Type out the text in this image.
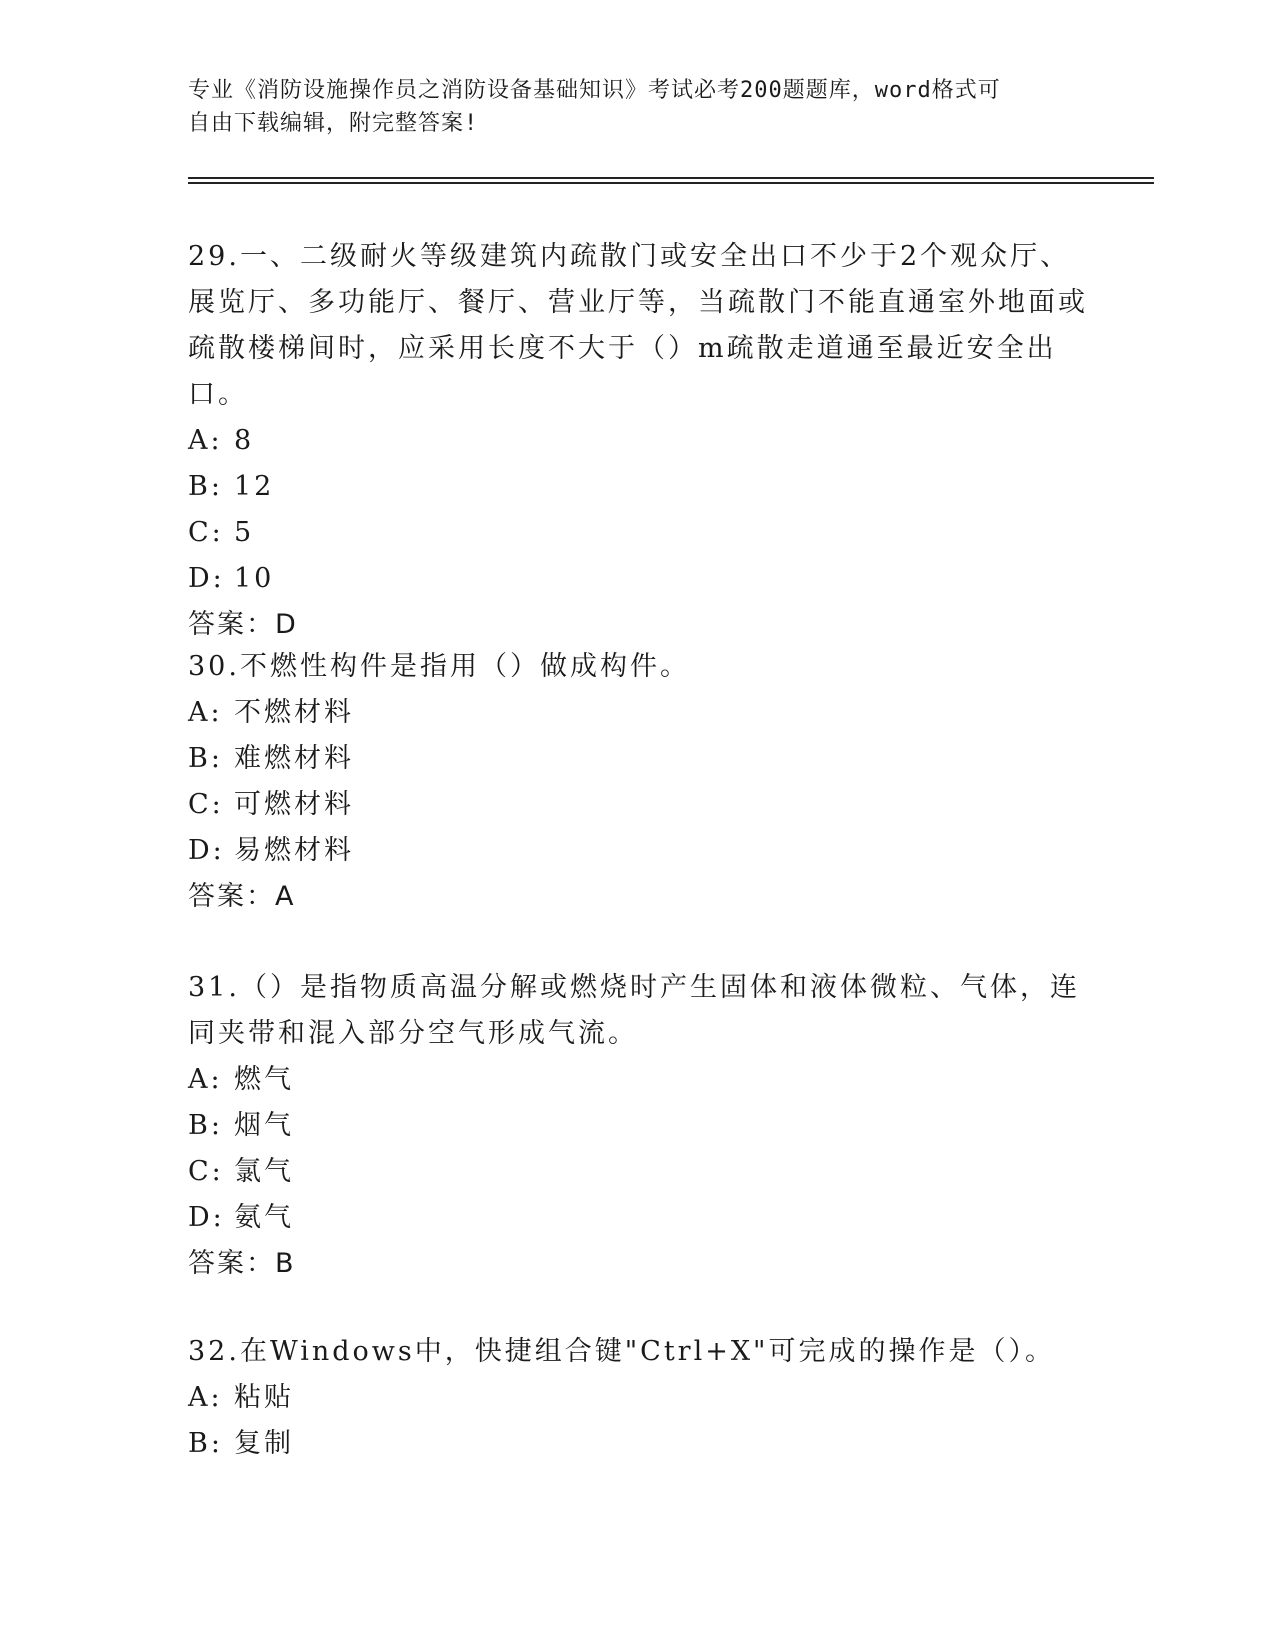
专业《消防设施操作员之消防设备基础知识》考试必考200题题库，word格式可
自由下载编辑，附完整答案!

29.一、二级耐火等级建筑内疏散门或安全出口不少于2个观众厅、展览厅、多功能厅、餐厅、营业厅等，当疏散门不能直通室外地面或疏散楼梯间时，应采用长度不大于（）m疏散走道通至最近安全出口。

A: 8
B: 12
C: 5
D: 10
答案：D

30.不燃性构件是指用（）做成构件。

A: 不燃材料
B: 难燃材料
C: 可燃材料
D: 易燃材料
答案：A

31.（）是指物质高温分解或燃烧时产生固体和液体微粒、气体，连同夹带和混入部分空气形成气流。

A: 燃气
B: 烟气
C: 氯气
D: 氨气
答案：B

32.在Windows中，快捷组合键"Ctrl+X"可完成的操作是（）。

A: 粘贴
B: 复制
